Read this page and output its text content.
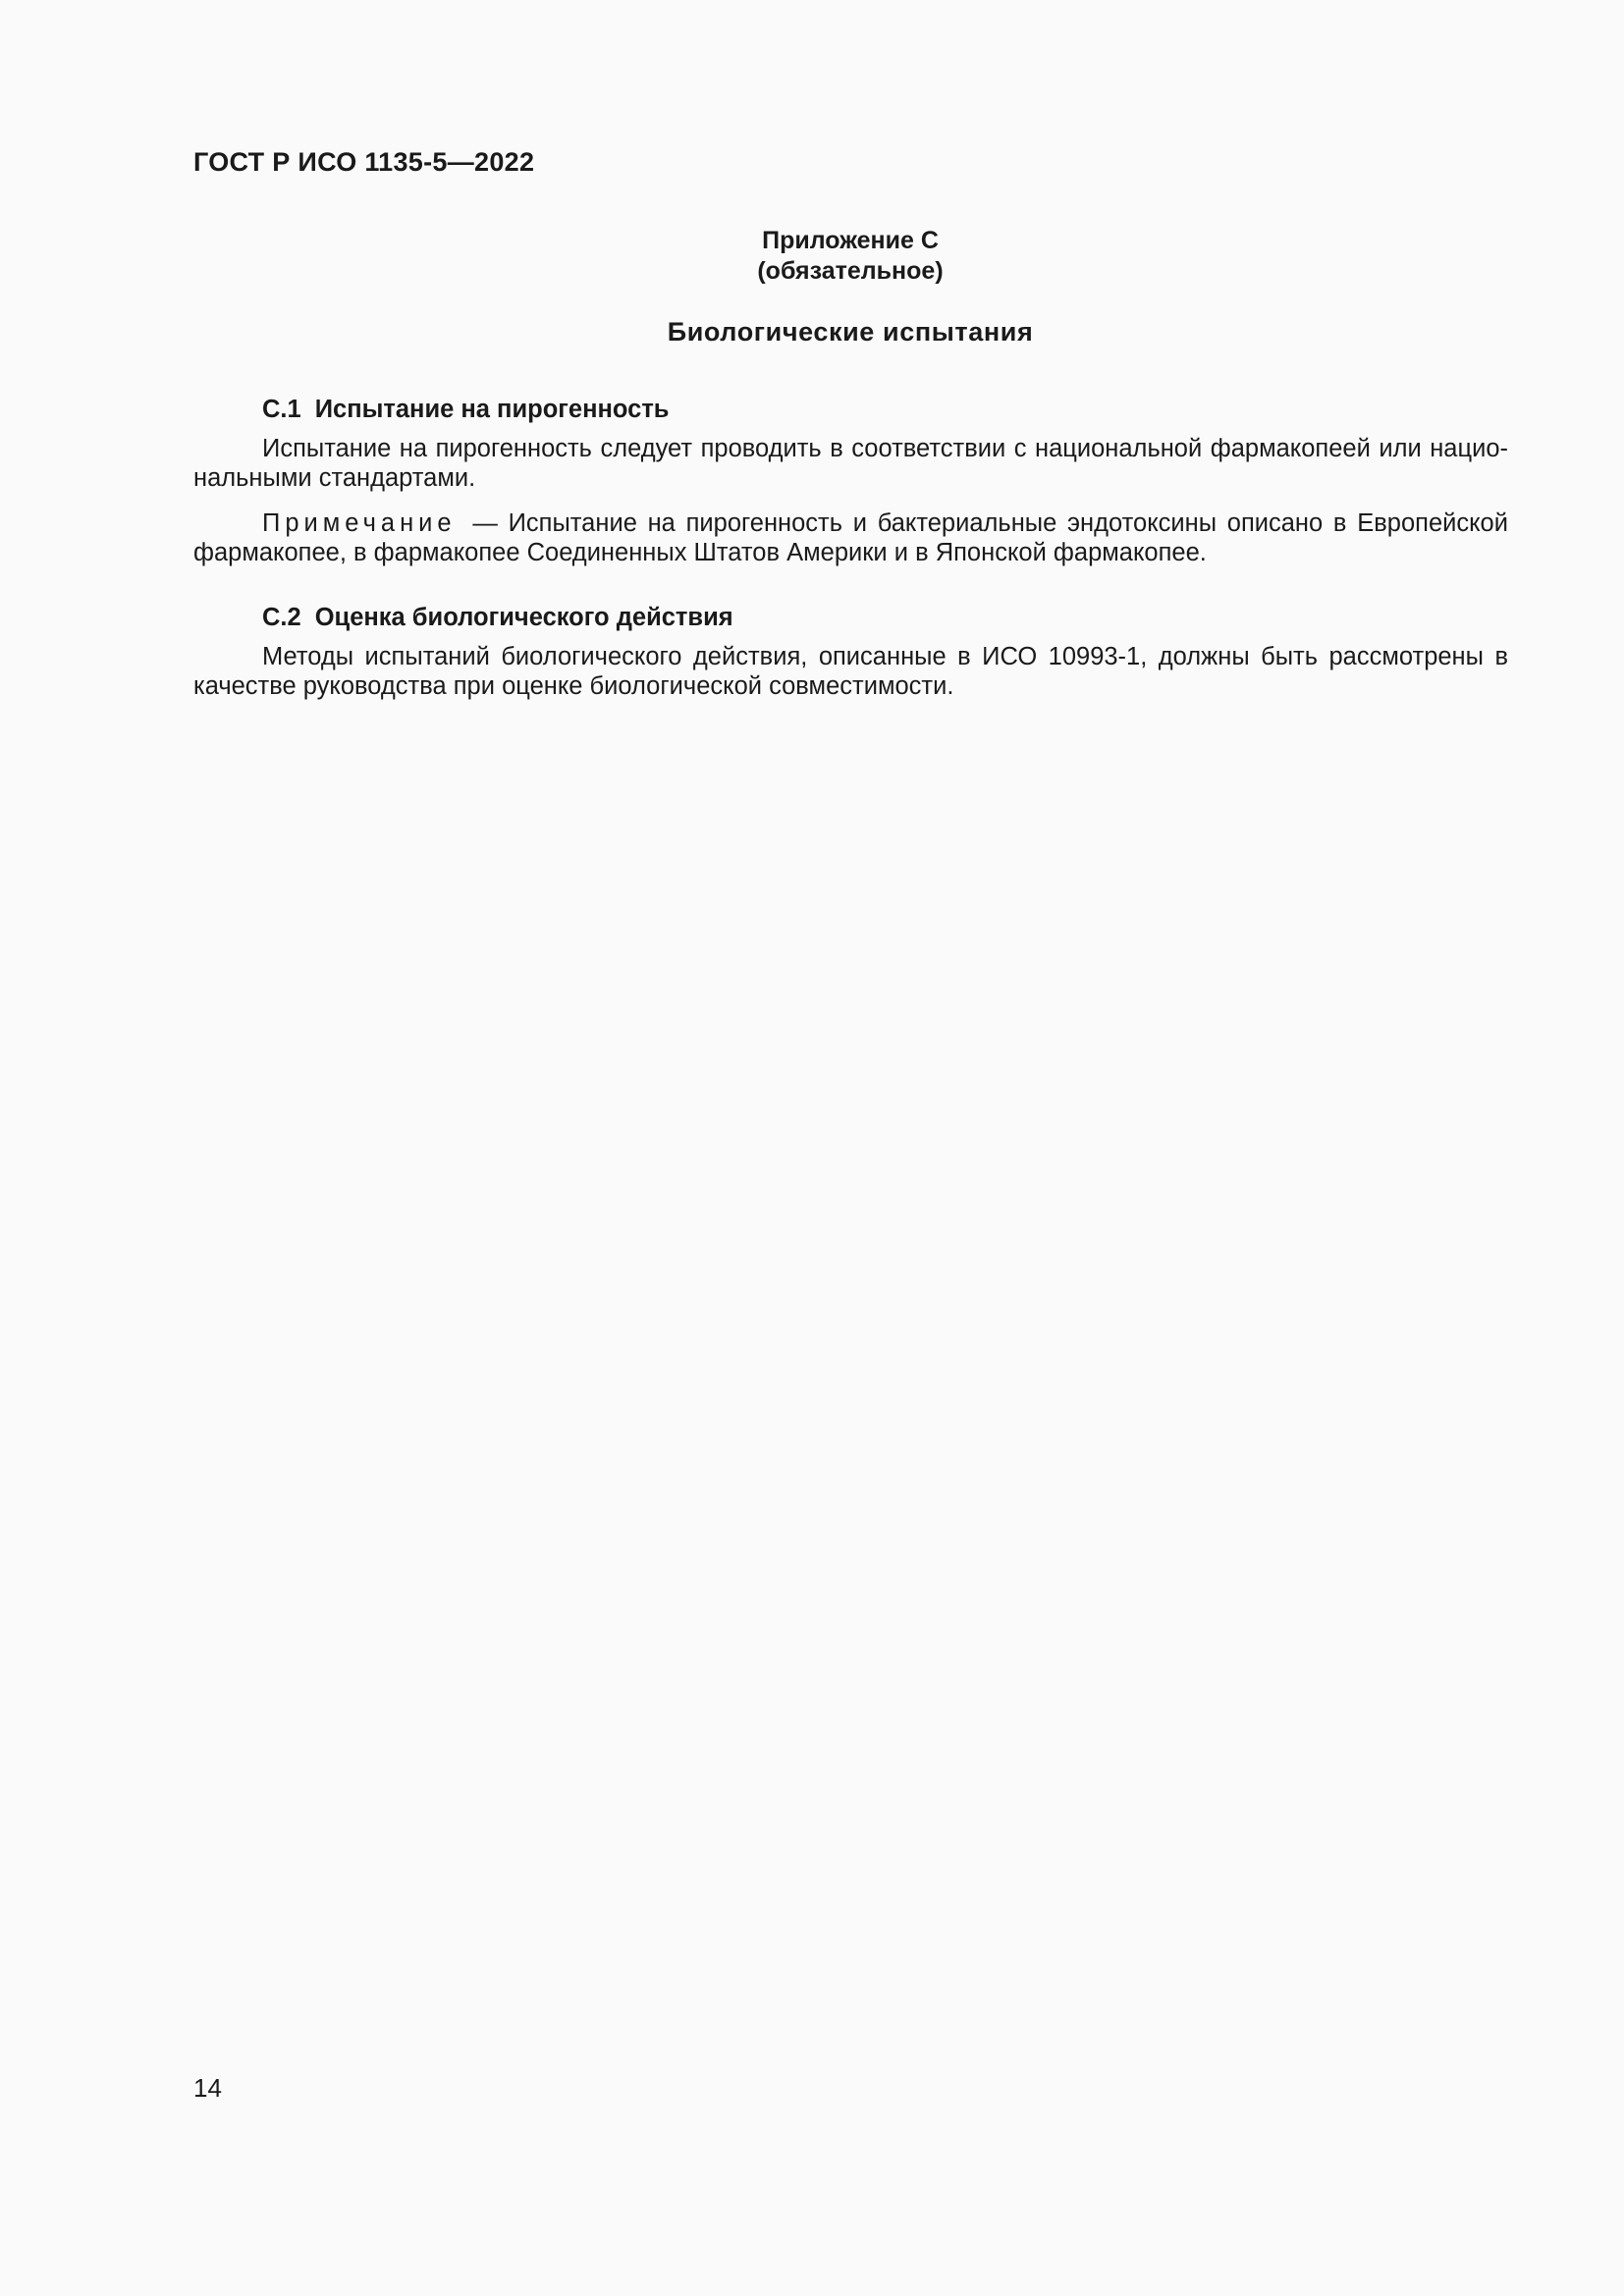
ГОСТ Р ИСО 1135-5—2022
Приложение С
(обязательное)
Биологические испытания

С.1 Испытание на пирогенность

Испытание на пирогенность следует проводить в соответствии с национальной фармакопеей или национальными стандартами.

Примечание — Испытание на пирогенность и бактериальные эндотоксины описано в Европейской фармакопее, в фармакопее Соединенных Штатов Америки и в Японской фармакопее.

С.2 Оценка биологического действия

Методы испытаний биологического действия, описанные в ИСО 10993-1, должны быть рассмотрены в качестве руководства при оценке биологической совместимости.

14
